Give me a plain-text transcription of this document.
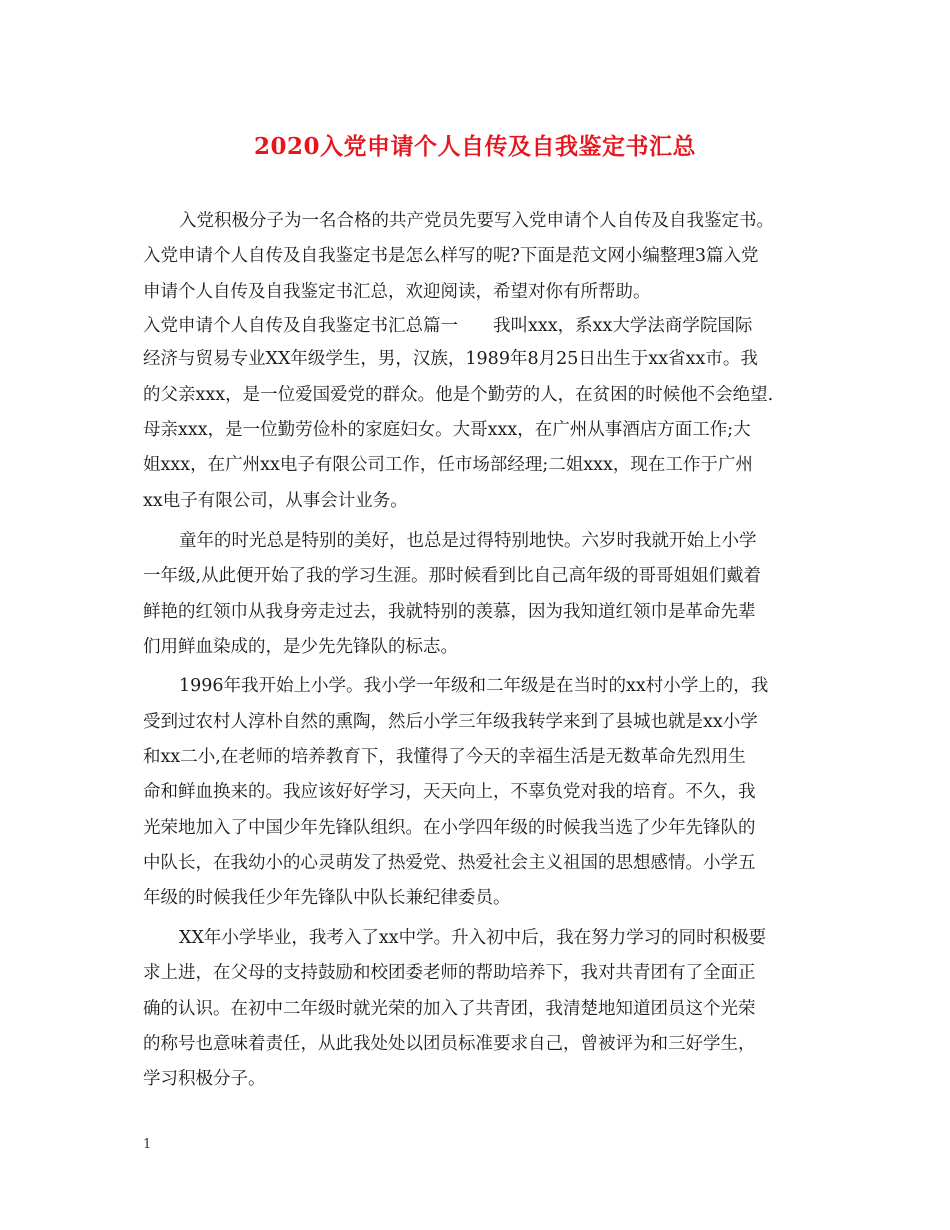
2020入党申请个人自传及自我鉴定书汇总
入党积极分子为一名合格的共产党员先要写入党申请个人自传及自我鉴定书。
入党申请个人自传及自我鉴定书是怎么样写的呢?下面是范文网小编整理3篇入党
申请个人自传及自我鉴定书汇总，欢迎阅读，希望对你有所帮助。
入党申请个人自传及自我鉴定书汇总篇一　　我叫xxx，系xx大学法商学院国际
经济与贸易专业XX年级学生，男，汉族，1989年8月25日出生于xx省xx市。我
的父亲xxx，是一位爱国爱党的群众。他是个勤劳的人，在贫困的时候他不会绝望.
母亲xxx，是一位勤劳俭朴的家庭妇女。大哥xxx，在广州从事酒店方面工作;大
姐xxx，在广州xx电子有限公司工作，任市场部经理;二姐xxx，现在工作于广州
xx电子有限公司，从事会计业务。
童年的时光总是特别的美好，也总是过得特别地快。六岁时我就开始上小学
一年级,从此便开始了我的学习生涯。那时候看到比自己高年级的哥哥姐姐们戴着
鲜艳的红领巾从我身旁走过去，我就特别的羡慕，因为我知道红领巾是革命先辈
们用鲜血染成的，是少先先锋队的标志。
1996年我开始上小学。我小学一年级和二年级是在当时的xx村小学上的，我
受到过农村人淳朴自然的熏陶，然后小学三年级我转学来到了县城也就是xx小学
和xx二小,在老师的培养教育下，我懂得了今天的幸福生活是无数革命先烈用生
命和鲜血换来的。我应该好好学习，天天向上，不辜负党对我的培育。不久，我
光荣地加入了中国少年先锋队组织。在小学四年级的时候我当选了少年先锋队的
中队长，在我幼小的心灵萌发了热爱党、热爱社会主义祖国的思想感情。小学五
年级的时候我任少年先锋队中队长兼纪律委员。
XX年小学毕业，我考入了xx中学。升入初中后，我在努力学习的同时积极要
求上进，在父母的支持鼓励和校团委老师的帮助培养下，我对共青团有了全面正
确的认识。在初中二年级时就光荣的加入了共青团，我清楚地知道团员这个光荣
的称号也意味着责任，从此我处处以团员标准要求自己，曾被评为和三好学生，
学习积极分子。
1
